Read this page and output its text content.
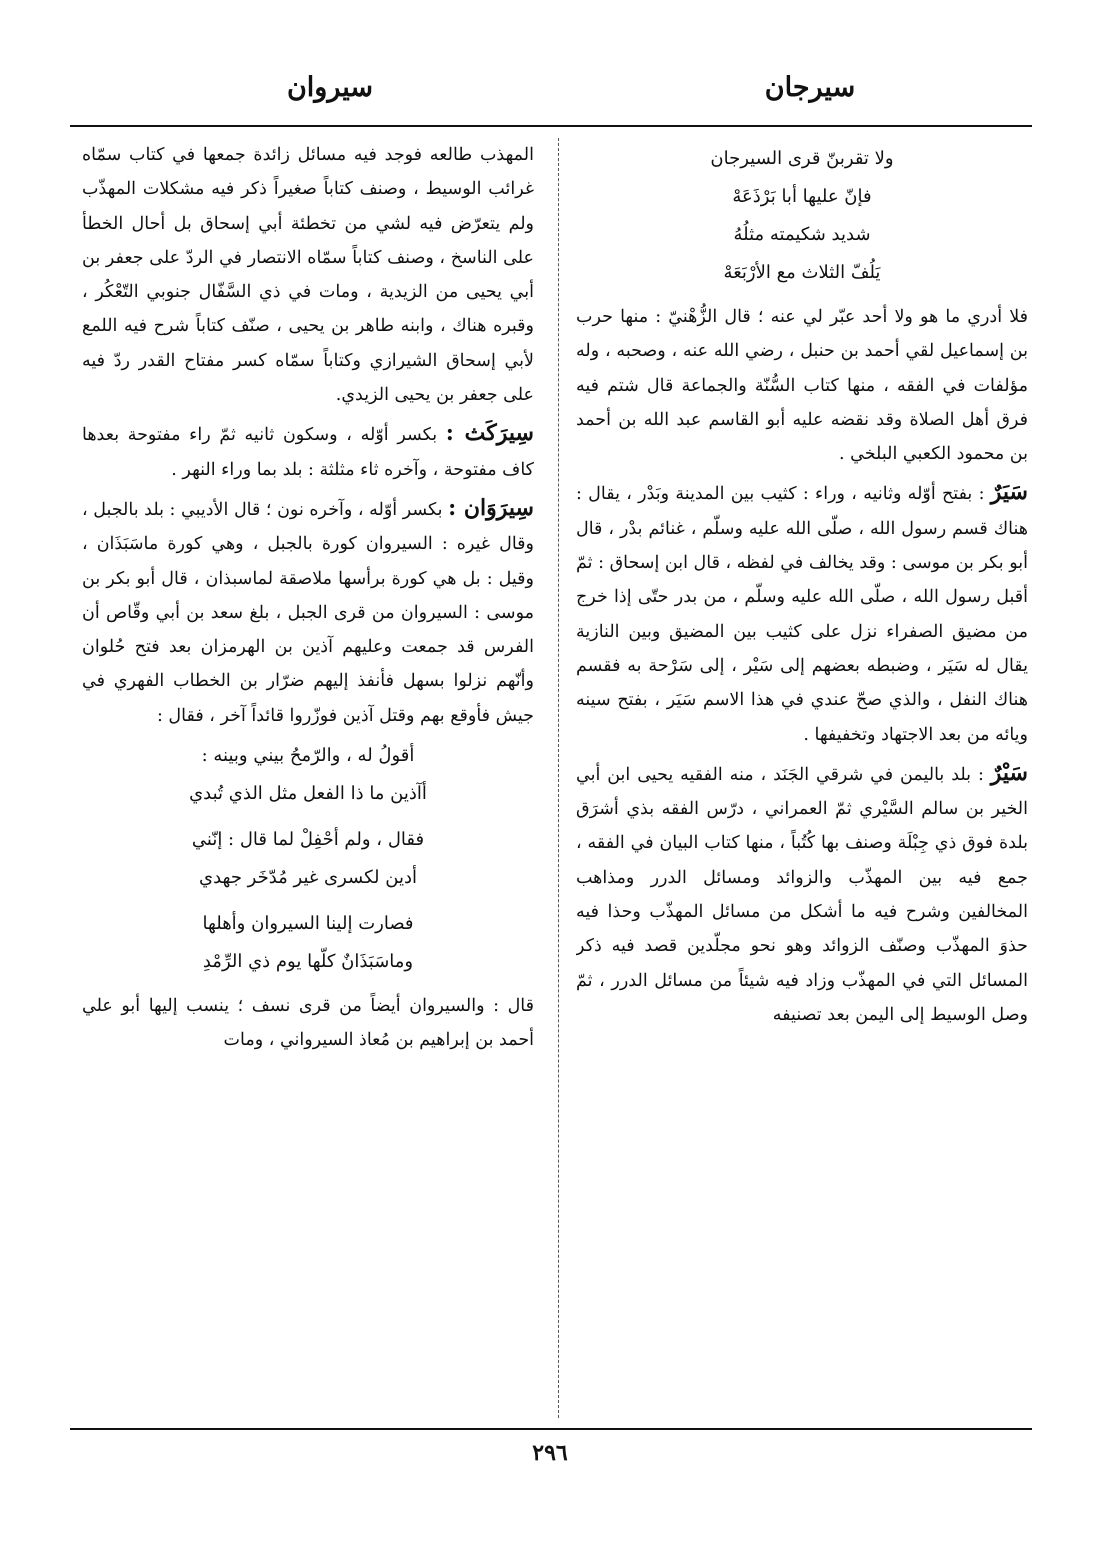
سيرجان
سيروان
ولا تقربنّ قرى السيرجان
فإنّ عليها أبا بَرْذَعَهْ
شديد شكيمته مثلُهُ
يَلُفّ الثلاث مع الأرْبَعَهْ

فلا أدري ما هو ولا أحد عبّر لي عنه ؛ قال الزُّهْنيّ : منها حرب بن إسماعيل لقي أحمد بن حنبل ، رضي الله عنه ، وصحبه ، وله مؤلفات في الفقه ، منها كتاب السُّنّة والجماعة قال شتم فيه فرق أهل الصلاة وقد نقضه عليه أبو القاسم عبد الله بن أحمد بن محمود الكعبي البلخي .

سَيَرٌ : بفتح أوّله وثانيه ، وراء : كثيب بين المدينة وبَدْر ، يقال : هناك قسم رسول الله ، صلّى الله عليه وسلّم ، غنائم بدْر ، قال أبو بكر بن موسى : وقد يخالف في لفظه ، قال ابن إسحاق : ثمّ أقبل رسول الله ، صلّى الله عليه وسلّم ، من بدر حتّى إذا خرج من مضيق الصفراء نزل على كثيب بين المضيق وبين النازية يقال له سَيَر ، وضبطه بعضهم إلى سَيْر ، إلى سَرْحة به فقسم هناك النفل ، والذي صحّ عندي في هذا الاسم سَيَر ، بفتح سينه ويائه من بعد الاجتهاد وتخفيفها .

سَيْرٌ : بلد باليمن في شرقي الجَنَد ، منه الفقيه يحيى ابن أبي الخير بن سالم السَّيْري ثمّ العمراني ، درّس الفقه بذي أشرَق بلدة فوق ذي جِبْلَة وصنف بها كُتُباً ، منها كتاب البيان في الفقه ، جمع فيه بين المهذّب والزوائد ومسائل الدرر ومذاهب المخالفين وشرح فيه ما أشكل من مسائل المهذّب وحذا فيه حذوَ المهذّب وصنّف الزوائد وهو نحو مجلّدين قصد فيه ذكر المسائل التي في المهذّب وزاد فيه شيئاً من مسائل الدرر ، ثمّ وصل الوسيط إلى اليمن بعد تصنيفه

المهذب طالعه فوجد فيه مسائل زائدة جمعها في كتاب سمّاه غرائب الوسيط ، وصنف كتاباً صغيراً ذكر فيه مشكلات المهذّب ولم يتعرّض فيه لشي من تخطئة أبي إسحاق بل أحال الخطأ على الناسخ ، وصنف كتاباً سمّاه الانتصار في الردّ على جعفر بن أبي يحيى من الزيدية ، ومات في ذي السَّفّال جنوبي التّعْكُر ، وقبره هناك ، وابنه طاهر بن يحيى ، صنّف كتاباً شرح فيه اللمع لأبي إسحاق الشيرازي وكتاباً سمّاه كسر مفتاح القدر ردّ فيه على جعفر بن يحيى الزيدي.

سِيرَكَث : بكسر أوّله ، وسكون ثانيه ثمّ راء مفتوحة بعدها كاف مفتوحة ، وآخره ثاء مثلثة : بلد بما وراء النهر .

سِيرَوَان : بكسر أوّله ، وآخره نون ؛ قال الأديبي : بلد بالجبل ، وقال غيره : السيروان كورة بالجبل ، وهي كورة ماسَبَذَان ، وقيل : بل هي كورة برأسها ملاصقة لماسبذان ، قال أبو بكر بن موسى : السيروان من قرى الجبل ، بلغ سعد بن أبي وقّاص أن الفرس قد جمعت وعليهم آذين بن الهرمزان بعد فتح حُلوان وأنّهم نزلوا بسهل فأنفذ إليهم ضرّار بن الخطاب الفهري في جيش فأوقع بهم وقتل آذين فوزّروا قائداً آخر ، فقال :

أقولُ له ، والرّمحُ بيني وبينه :
أآذين ما ذا الفعل مثل الذي تُبدي
فقال ، ولم أحْفِلْ لما قال : إنّني
أدين لكسرى غير مُدّخَر جهدي
فصارت إلينا السيروان وأهلها
وماسَبَذَانٌ كلّها يوم ذي الرِّمْدِ

قال : والسيروان أيضاً من قرى نسف ؛ ينسب إليها أبو علي أحمد بن إبراهيم بن مُعاذ السيرواني ، ومات

٢٩٦
